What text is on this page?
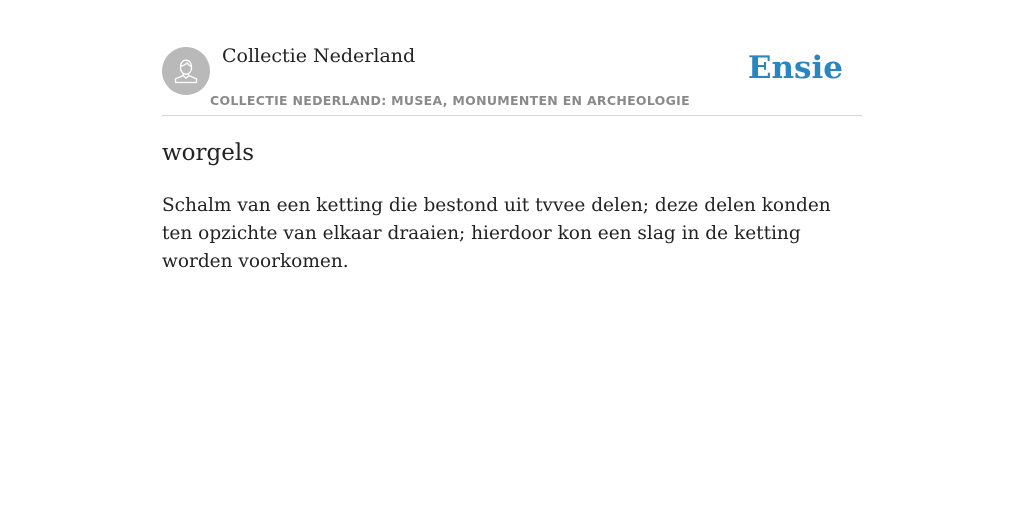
Collectie Nederland
COLLECTIE NEDERLAND: MUSEA, MONUMENTEN EN ARCHEOLOGIE
Ensie
worgels

Schalm van een ketting die bestond uit tvvee delen; deze delen konden ten opzichte van elkaar draaien; hierdoor kon een slag in de ketting worden voorkomen.
